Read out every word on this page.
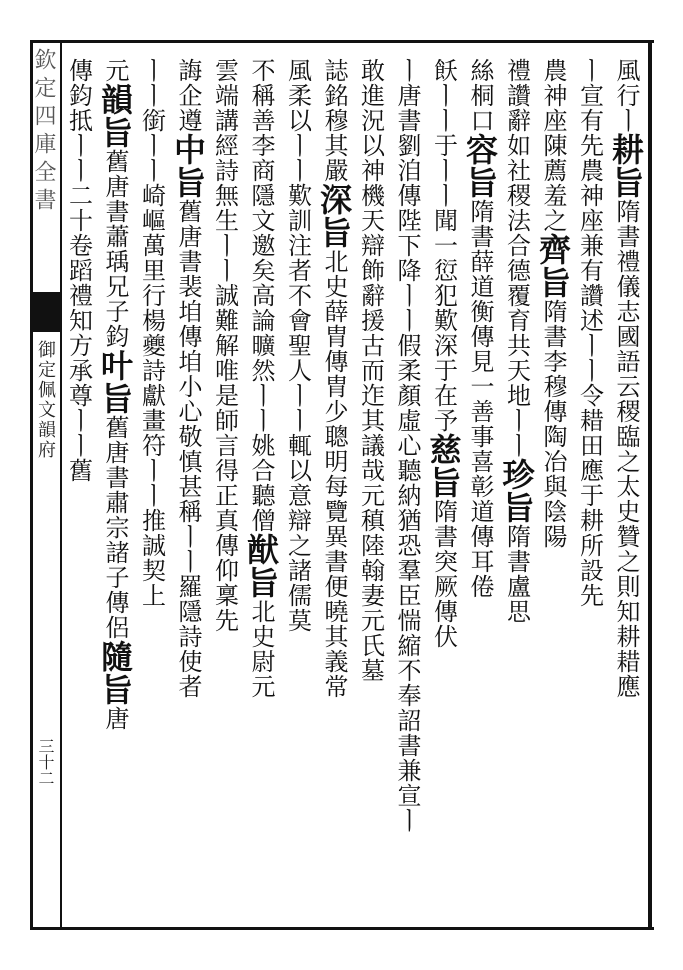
欽定四庫全書
御定佩文韻府
三十二
風行ㅣ耕旨隋書禮儀志國語云稷臨之太史贊之則知耕耤應
ㅣ宣有先農神座兼有讚述ㅣㅣ令耤田應于耕所設先
農神座陳薦羞之齊旨隋書李穆傳陶冶與陰陽
禮讚辭如社稷法合德覆育共天地ㅣㅣ珍旨隋書盧思
絲桐口容旨隋書薛道衡傳見一善事喜彰道傳耳倦
飫ㅣㅣ于ㅣㅣ聞一愆犯歎深于在予慈旨隋書突厥傳伏
ㅣ唐書劉洎傳陛下降ㅣㅣ假柔顏虛心聽納猶恐羣臣惴縮不奉詔書兼宣ㅣ
敢進況以神機天辯飾辭援古而迮其議哉元稹陸翰妻元氏墓
誌銘穆其嚴深旨北史薛胄傳胄少聰明每覽異書便曉其義常
風柔以ㅣㅣ歎訓注者不會聖人ㅣㅣ輒以意辯之諸儒莫
不稱善李商隱文邀矣高論曠然ㅣㅣ姚合聽僧猷旨北史尉元
雲端講經詩無生ㅣㅣ誠難解唯是師言得正真傳仰稟先
誨企遵中旨舊唐書裴垍傳垍小心敬慎甚稱ㅣㅣ羅隱詩使者
ㅣㅣ銜ㅣㅣ崎嶇萬里行楊夔詩獻畫符ㅣㅣ推誠契上
元韻旨舊唐書蕭瑀兄子鈞叶旨舊唐書肅宗諸子傳侶隨旨唐
傳鈞抵ㅣㅣ二十卷蹈禮知方承尊ㅣㅣ舊
